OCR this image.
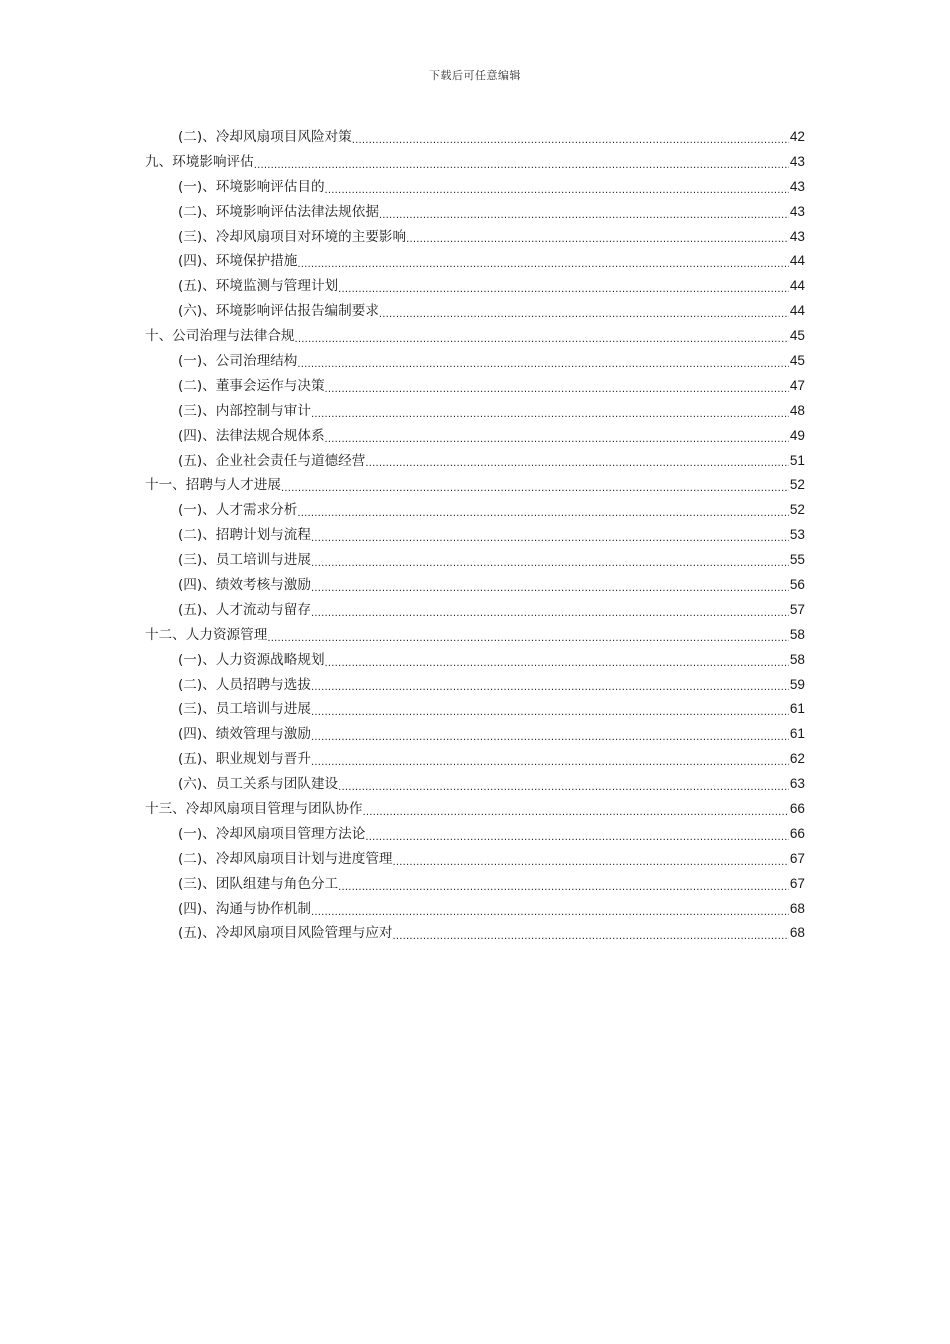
下载后可任意编辑
(二)、冷却风扇项目风险对策 .....	42
九、环境影响评估 .....	43
(一)、环境影响评估目的 .....	43
(二)、环境影响评估法律法规依据 .....	43
(三)、冷却风扇项目对环境的主要影响 .....	43
(四)、环境保护措施 .....	44
(五)、环境监测与管理计划 .....	44
(六)、环境影响评估报告编制要求 .....	44
十、公司治理与法律合规 .....	45
(一)、公司治理结构 .....	45
(二)、董事会运作与决策 .....	47
(三)、内部控制与审计 .....	48
(四)、法律法规合规体系 .....	49
(五)、企业社会责任与道德经营 .....	51
十一、招聘与人才进展 .....	52
(一)、人才需求分析 .....	52
(二)、招聘计划与流程 .....	53
(三)、员工培训与进展 .....	55
(四)、绩效考核与激励 .....	56
(五)、人才流动与留存 .....	57
十二、人力资源管理 .....	58
(一)、人力资源战略规划 .....	58
(二)、人员招聘与选拔 .....	59
(三)、员工培训与进展 .....	61
(四)、绩效管理与激励 .....	61
(五)、职业规划与晋升 .....	62
(六)、员工关系与团队建设 .....	63
十三、冷却风扇项目管理与团队协作 .....	66
(一)、冷却风扇项目管理方法论 .....	66
(二)、冷却风扇项目计划与进度管理 .....	67
(三)、团队组建与角色分工 .....	67
(四)、沟通与协作机制 .....	68
(五)、冷却风扇项目风险管理与应对 .....	68
